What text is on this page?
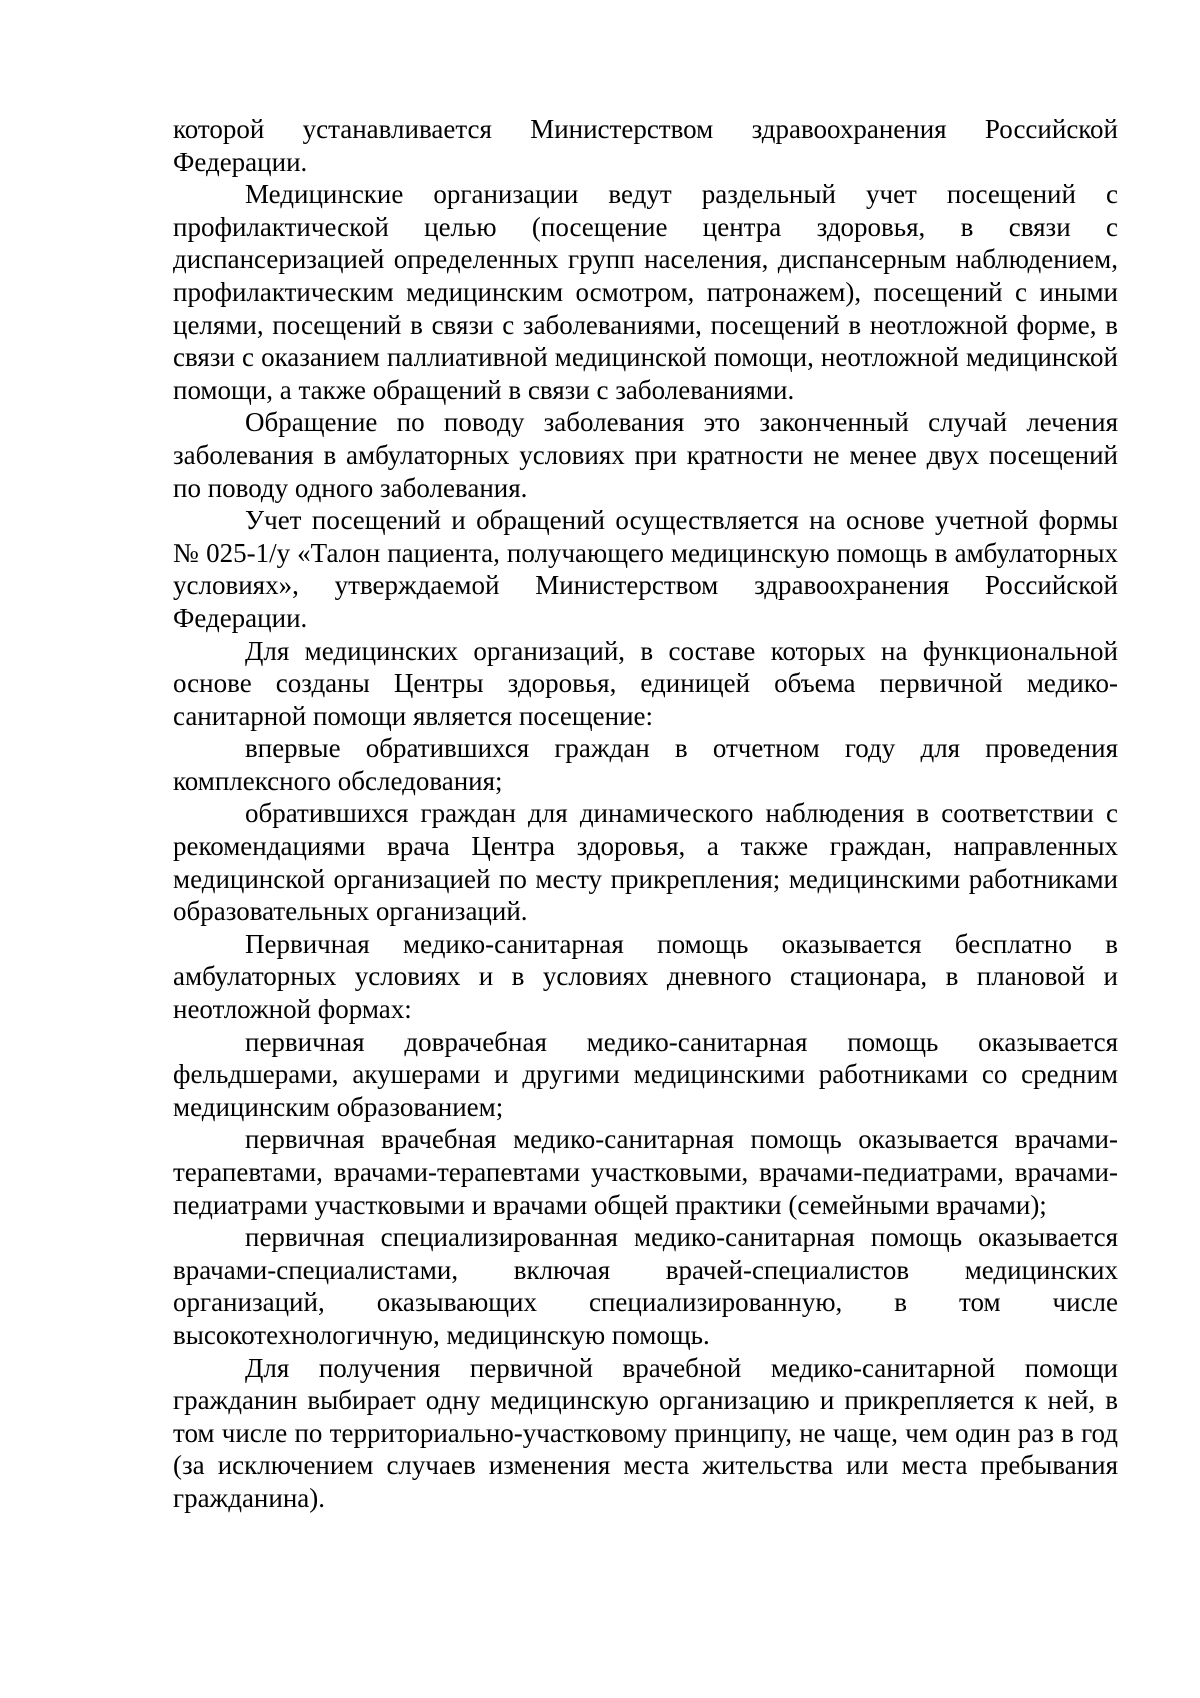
которой устанавливается Министерством здравоохранения Российской Федерации.

Медицинские организации ведут раздельный учет посещений с профилактической целью (посещение центра здоровья, в связи с диспансеризацией определенных групп населения, диспансерным наблюдением, профилактическим медицинским осмотром, патронажем), посещений с иными целями, посещений в связи с заболеваниями, посещений в неотложной форме, в связи с оказанием паллиативной медицинской помощи, неотложной медицинской помощи, а также обращений в связи с заболеваниями.

Обращение по поводу заболевания это законченный случай лечения заболевания в амбулаторных условиях при кратности не менее двух посещений по поводу одного заболевания.

Учет посещений и обращений осуществляется на основе учетной формы № 025-1/у «Талон пациента, получающего медицинскую помощь в амбулаторных условиях», утверждаемой Министерством здравоохранения Российской Федерации.

Для медицинских организаций, в составе которых на функциональной основе созданы Центры здоровья, единицей объема первичной медико-санитарной помощи является посещение:

впервые обратившихся граждан в отчетном году для проведения комплексного обследования;

обратившихся граждан для динамического наблюдения в соответствии с рекомендациями врача Центра здоровья, а также граждан, направленных медицинской организацией по месту прикрепления; медицинскими работниками образовательных организаций.

Первичная медико-санитарная помощь оказывается бесплатно в амбулаторных условиях и в условиях дневного стационара, в плановой и неотложной формах:

первичная доврачебная медико-санитарная помощь оказывается фельдшерами, акушерами и другими медицинскими работниками со средним медицинским образованием;

первичная врачебная медико-санитарная помощь оказывается врачами-терапевтами, врачами-терапевтами участковыми, врачами-педиатрами, врачами-педиатрами участковыми и врачами общей практики (семейными врачами);

первичная специализированная медико-санитарная помощь оказывается врачами-специалистами, включая врачей-специалистов медицинских организаций, оказывающих специализированную, в том числе высокотехнологичную, медицинскую помощь.

Для получения первичной врачебной медико-санитарной помощи гражданин выбирает одну медицинскую организацию и прикрепляется к ней, в том числе по территориально-участковому принципу, не чаще, чем один раз в год (за исключением случаев изменения места жительства или места пребывания гражданина).
